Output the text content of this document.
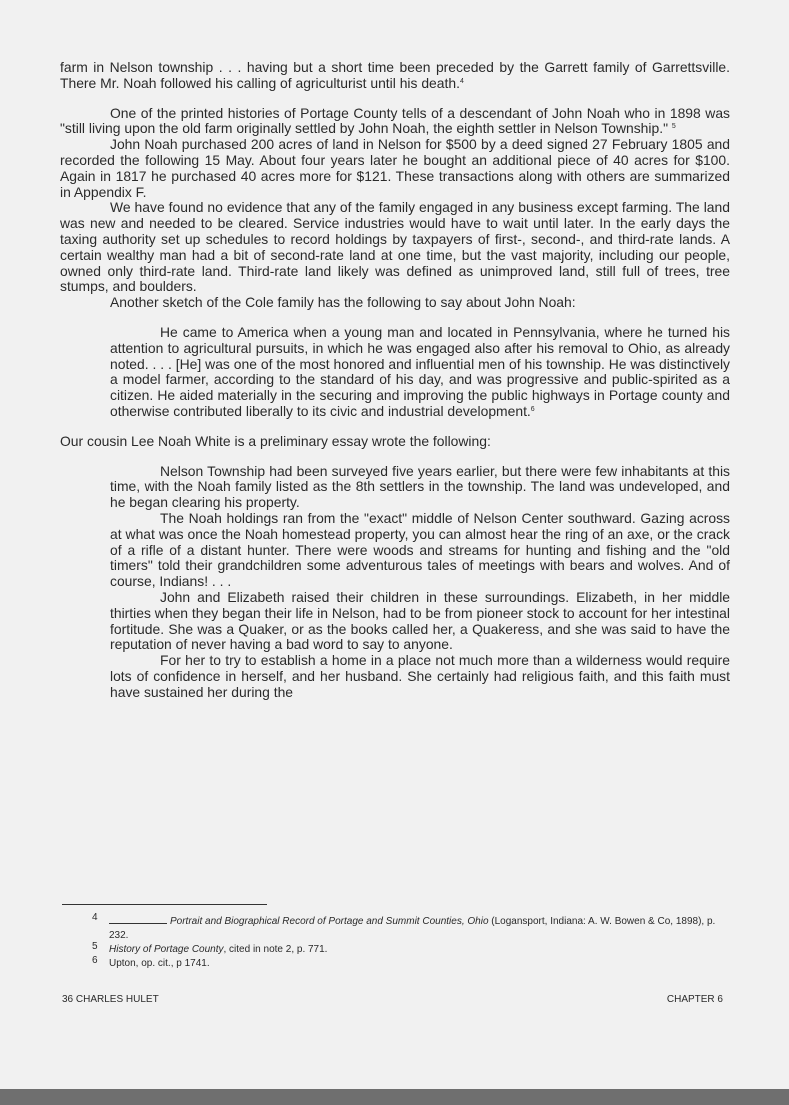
farm in Nelson township . . . having but a short time been preceded by the Garrett family of Garrettsville. There Mr. Noah followed his calling of agriculturist until his death.$^4$

One of the printed histories of Portage County tells of a descendant of John Noah who in 1898 was "still living upon the old farm originally settled by John Noah, the eighth settler in Nelson Township." $^5$

John Noah purchased 200 acres of land in Nelson for $500 by a deed signed 27 February 1805 and recorded the following 15 May. About four years later he bought an additional piece of 40 acres for $100. Again in 1817 he purchased 40 acres more for $121. These transactions along with others are summarized in Appendix F.

We have found no evidence that any of the family engaged in any business except farming. The land was new and needed to be cleared. Service industries would have to wait until later. In the early days the taxing authority set up schedules to record holdings by taxpayers of first-, second-, and third-rate lands. A certain wealthy man had a bit of second-rate land at one time, but the vast majority, including our people, owned only third-rate land. Third-rate land likely was defined as unimproved land, still full of trees, tree stumps, and boulders.

Another sketch of the Cole family has the following to say about John Noah:

He came to America when a young man and located in Pennsylvania, where he turned his attention to agricultural pursuits, in which he was engaged also after his removal to Ohio, as already noted. . . . [He] was one of the most honored and influential men of his township. He was distinctively a model farmer, according to the standard of his day, and was progressive and public-spirited as a citizen. He aided materially in the securing and improving the public highways in Portage county and otherwise contributed liberally to its civic and industrial development.$^6$

Our cousin Lee Noah White is a preliminary essay wrote the following:

Nelson Township had been surveyed five years earlier, but there were few inhabitants at this time, with the Noah family listed as the 8th settlers in the township. The land was undeveloped, and he began clearing his property.

The Noah holdings ran from the "exact" middle of Nelson Center southward. Gazing across at what was once the Noah homestead property, you can almost hear the ring of an axe, or the crack of a rifle of a distant hunter. There were woods and streams for hunting and fishing and the "old timers" told their grandchildren some adventurous tales of meetings with bears and wolves. And of course, Indians! . . .

John and Elizabeth raised their children in these surroundings. Elizabeth, in her middle thirties when they began their life in Nelson, had to be from pioneer stock to account for her intestinal fortitude. She was a Quaker, or as the books called her, a Quakeress, and she was said to have the reputation of never having a bad word to say to anyone.

For her to try to establish a home in a place not much more than a wilderness would require lots of confidence in herself, and her husband. She certainly had religious faith, and this faith must have sustained her during the

4	Portrait and Biographical Record of Portage and Summit Counties, Ohio (Logansport, Indiana: A. W. Bowen & Co, 1898), p. 232.
5 History of Portage County, cited in note 2, p. 771.
6 Upton, op. cit., p 1741.
36 CHARLES HULET	CHAPTER 6
